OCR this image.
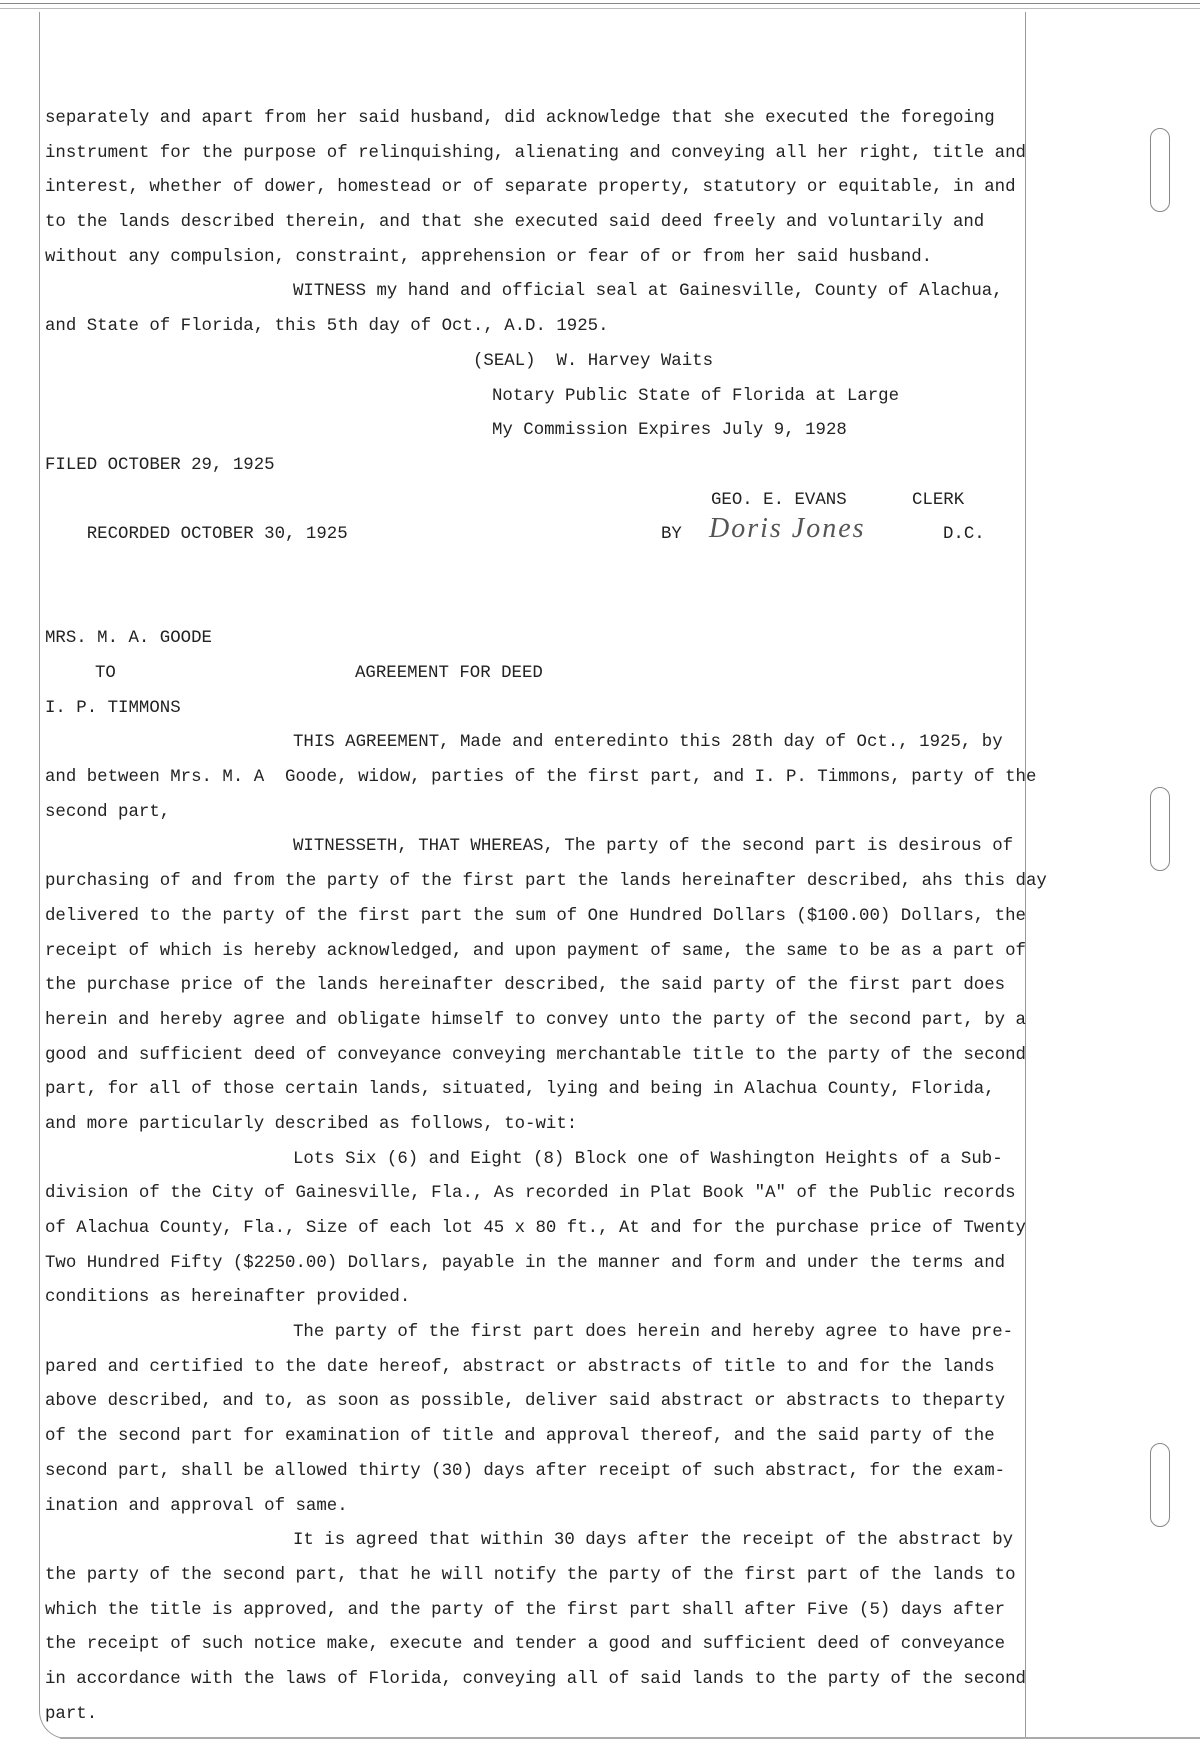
separately and apart from her said husband, did acknowledge that she executed the foregoing
instrument for the purpose of relinquishing, alienating and conveying all her right, title and
interest, whether of dower, homestead or of separate property, statutory or equitable, in and
to the lands described therein, and that she executed said deed freely and voluntarily and
without any compulsion, constraint, apprehension or fear of or from her said husband.
WITNESS my hand and official seal at Gainesville, County of Alachua,
and State of Florida, this 5th day of Oct., A.D. 1925.
(SEAL)  W. Harvey Waits
Notary Public State of Florida at Large
My Commission Expires July 9, 1928
FILED OCTOBER 29, 1925

RECORDED OCTOBER 30, 1925

GEO. E. EVANS

	CLERK

BY

Doris Jones

	D.C.

MRS. M. A. GOODE

TO

	AGREEMENT FOR DEED

I. P. TIMMONS
THIS AGREEMENT, Made and enteredinto this 28th day of Oct., 1925, by
and between Mrs. M. A  Goode, widow, parties of the first part, and I. P. Timmons, party of the
second part,
WITNESSETH, THAT WHEREAS, The party of the second part is desirous of
purchasing of and from the party of the first part the lands hereinafter described, ahs this day
delivered to the party of the first part the sum of One Hundred Dollars ($100.00) Dollars, the
receipt of which is hereby acknowledged, and upon payment of same, the same to be as a part of
the purchase price of the lands hereinafter described, the said party of the first part does
herein and hereby agree and obligate himself to convey unto the party of the second part, by a
good and sufficient deed of conveyance conveying merchantable title to the party of the second
part, for all of those certain lands, situated, lying and being in Alachua County, Florida,
and more particularly described as follows, to-wit:
Lots Six (6) and Eight (8) Block one of Washington Heights of a Sub-
division of the City of Gainesville, Fla., As recorded in Plat Book "A" of the Public records
of Alachua County, Fla., Size of each lot 45 x 80 ft., At and for the purchase price of Twenty
Two Hundred Fifty ($2250.00) Dollars, payable in the manner and form and under the terms and
conditions as hereinafter provided.
The party of the first part does herein and hereby agree to have pre-
pared and certified to the date hereof, abstract or abstracts of title to and for the lands
above described, and to, as soon as possible, deliver said abstract or abstracts to theparty
of the second part for examination of title and approval thereof, and the said party of the
second part, shall be allowed thirty (30) days after receipt of such abstract, for the exam-
ination and approval of same.
It is agreed that within 30 days after the receipt of the abstract by
the party of the second part, that he will notify the party of the first part of the lands to
which the title is approved, and the party of the first part shall after Five (5) days after
the receipt of such notice make, execute and tender a good and sufficient deed of conveyance
in accordance with the laws of Florida, conveying all of said lands to the party of the second
part.
